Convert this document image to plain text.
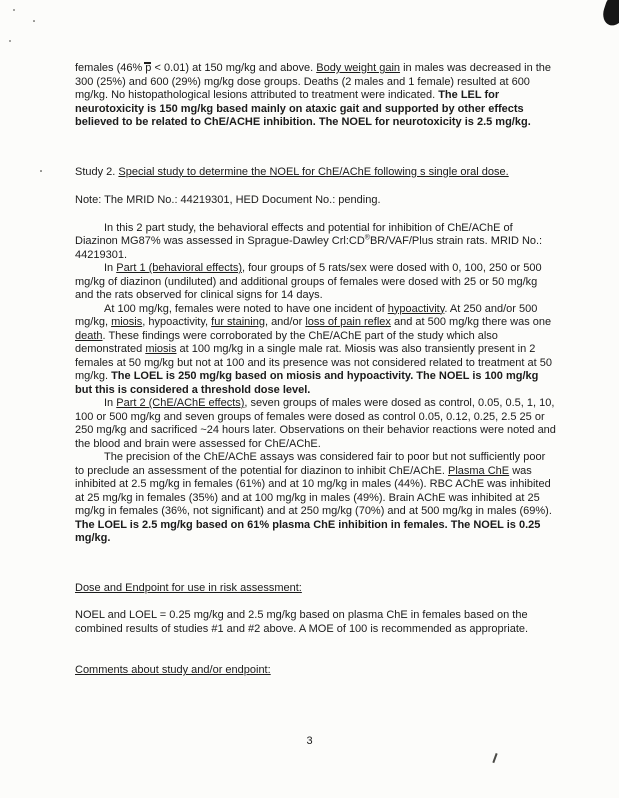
females (46% p < 0.01) at 150 mg/kg and above. Body weight gain in males was decreased in the 300 (25%) and 600 (29%) mg/kg dose groups. Deaths (2 males and 1 female) resulted at 600 mg/kg. No histopathological lesions attributed to treatment were indicated. The LEL for neurotoxicity is 150 mg/kg based mainly on ataxic gait and supported by other effects believed to be related to ChE/ACHE inhibition. The NOEL for neurotoxicity is 2.5 mg/kg.

Study 2. Special study to determine the NOEL for ChE/AChE following s single oral dose.

Note: The MRID No.: 44219301, HED Document No.: pending.

In this 2 part study, the behavioral effects and potential for inhibition of ChE/AChE of Diazinon MG87% was assessed in Sprague-Dawley Crl:CD®BR/VAF/Plus strain rats. MRID No.: 44219301.

In Part 1 (behavioral effects), four groups of 5 rats/sex were dosed with 0, 100, 250 or 500 mg/kg of diazinon (undiluted) and additional groups of females were dosed with 25 or 50 mg/kg and the rats observed for clinical signs for 14 days.

At 100 mg/kg, females were noted to have one incident of hypoactivity. At 250 and/or 500 mg/kg, miosis, hypoactivity, fur staining, and/or loss of pain reflex and at 500 mg/kg there was one death. These findings were corroborated by the ChE/AChE part of the study which also demonstrated miosis at 100 mg/kg in a single male rat. Miosis was also transiently present in 2 females at 50 mg/kg but not at 100 and its presence was not considered related to treatment at 50 mg/kg. The LOEL is 250 mg/kg based on miosis and hypoactivity. The NOEL is 100 mg/kg but this is considered a threshold dose level.

In Part 2 (ChE/AChE effects), seven groups of males were dosed as control, 0.05, 0.5, 1, 10, 100 or 500 mg/kg and seven groups of females were dosed as control 0.05, 0.12, 0.25, 2.5 25 or 250 mg/kg and sacrificed ~24 hours later. Observations on their behavior reactions were noted and the blood and brain were assessed for ChE/AChE.

The precision of the ChE/AChE assays was considered fair to poor but not sufficiently poor to preclude an assessment of the potential for diazinon to inhibit ChE/AChE. Plasma ChE was inhibited at 2.5 mg/kg in females (61%) and at 10 mg/kg in males (44%). RBC AChE was inhibited at 25 mg/kg in females (35%) and at 100 mg/kg in males (49%). Brain AChE was inhibited at 25 mg/kg in females (36%, not significant) and at 250 mg/kg (70%) and at 500 mg/kg in males (69%). The LOEL is 2.5 mg/kg based on 61% plasma ChE inhibition in females. The NOEL is 0.25 mg/kg.

Dose and Endpoint for use in risk assessment:

NOEL and LOEL = 0.25 mg/kg and 2.5 mg/kg based on plasma ChE in females based on the combined results of studies #1 and #2 above. A MOE of 100 is recommended as appropriate.

Comments about study and/or endpoint:

3
